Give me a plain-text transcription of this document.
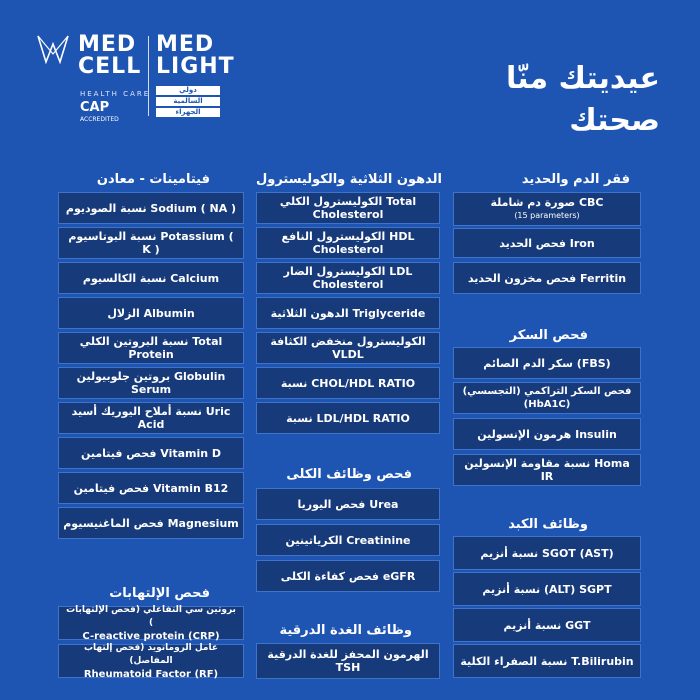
MED
CELL
MED
LIGHT
HEALTH CARE
CAP
ACCREDITED
دولي
السالمية
الجهراء
عيديتك منّا
صحتك
فقر الدم والحديد
صورة دم شاملة CBC
(15 parameters)
فحص الحديد Iron
فحص مخزون الحديد Ferritin
فحص السكر
سكر الدم الصائم (FBS)
فحص السكر التراكمي (التجسسي) (HbA1C)
هرمون الإنسولين Insulin
نسبة مقاومة الإنسولين Homa IR
وظائف الكبد
نسبة أنزيم SGOT (AST)
نسبة أنزيم (ALT) SGPT
نسبة أنزيم GGT
نسبة الصفراء الكلية T.Bilirubin
الدهون الثلاثية والكوليسترول
الكوليسترول الكلي Total Cholesterol
الكوليسترول النافع HDL Cholesterol
الكوليسترول الضار LDL Cholesterol
الدهون الثلاثية Triglyceride
الكوليسترول منخفض الكثافة VLDL
نسبة CHOL/HDL RATIO
نسبة LDL/HDL RATIO
فحص وظائف الكلى
فحص اليوريا Urea
الكرياتينين Creatinine
فحص كفاءة الكلى eGFR
وظائف الغدة الدرقية
الهرمون المحفز للغدة الدرقية TSH
فيتامينات - معادن
نسبة الصوديوم Sodium ( NA )
نسبة البوتاسيوم Potassium ( K )
نسبة الكالسيوم Calcium
الزلال Albumin
نسبة البروتين الكلي Total Protein
بروتين جلوبيولين Globulin Serum
نسبة أملاح اليوريك أسيد Uric Acid
فحص فيتامين Vitamin D
فحص فيتامين Vitamin B12
فحص الماغنيسيوم Magnesium
فحص الإلتهابات
بروتين سي التفاعلي (فحص الإلتهابات )
C-reactive protein (CRP)
عامل الروماتويد (فحص إلتهاب المفاصل)
Rheumatoid Factor (RF)
